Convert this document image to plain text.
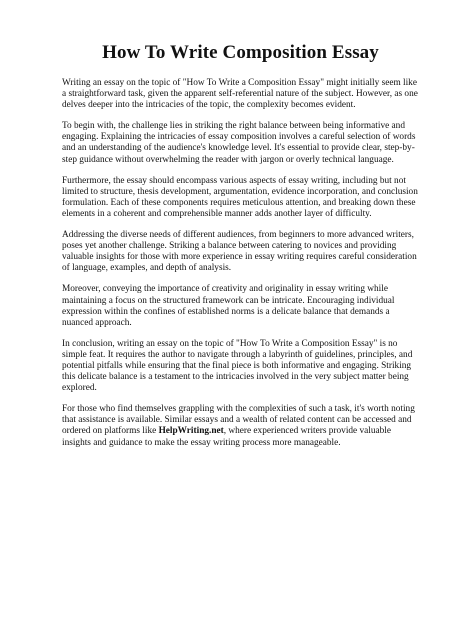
How To Write Composition Essay

Writing an essay on the topic of "How To Write a Composition Essay" might initially seem like a straightforward task, given the apparent self-referential nature of the subject. However, as one delves deeper into the intricacies of the topic, the complexity becomes evident.

To begin with, the challenge lies in striking the right balance between being informative and engaging. Explaining the intricacies of essay composition involves a careful selection of words and an understanding of the audience's knowledge level. It's essential to provide clear, step-by-step guidance without overwhelming the reader with jargon or overly technical language.

Furthermore, the essay should encompass various aspects of essay writing, including but not limited to structure, thesis development, argumentation, evidence incorporation, and conclusion formulation. Each of these components requires meticulous attention, and breaking down these elements in a coherent and comprehensible manner adds another layer of difficulty.

Addressing the diverse needs of different audiences, from beginners to more advanced writers, poses yet another challenge. Striking a balance between catering to novices and providing valuable insights for those with more experience in essay writing requires careful consideration of language, examples, and depth of analysis.

Moreover, conveying the importance of creativity and originality in essay writing while maintaining a focus on the structured framework can be intricate. Encouraging individual expression within the confines of established norms is a delicate balance that demands a nuanced approach.

In conclusion, writing an essay on the topic of "How To Write a Composition Essay" is no simple feat. It requires the author to navigate through a labyrinth of guidelines, principles, and potential pitfalls while ensuring that the final piece is both informative and engaging. Striking this delicate balance is a testament to the intricacies involved in the very subject matter being explored.

For those who find themselves grappling with the complexities of such a task, it's worth noting that assistance is available. Similar essays and a wealth of related content can be accessed and ordered on platforms like HelpWriting.net, where experienced writers provide valuable insights and guidance to make the essay writing process more manageable.
